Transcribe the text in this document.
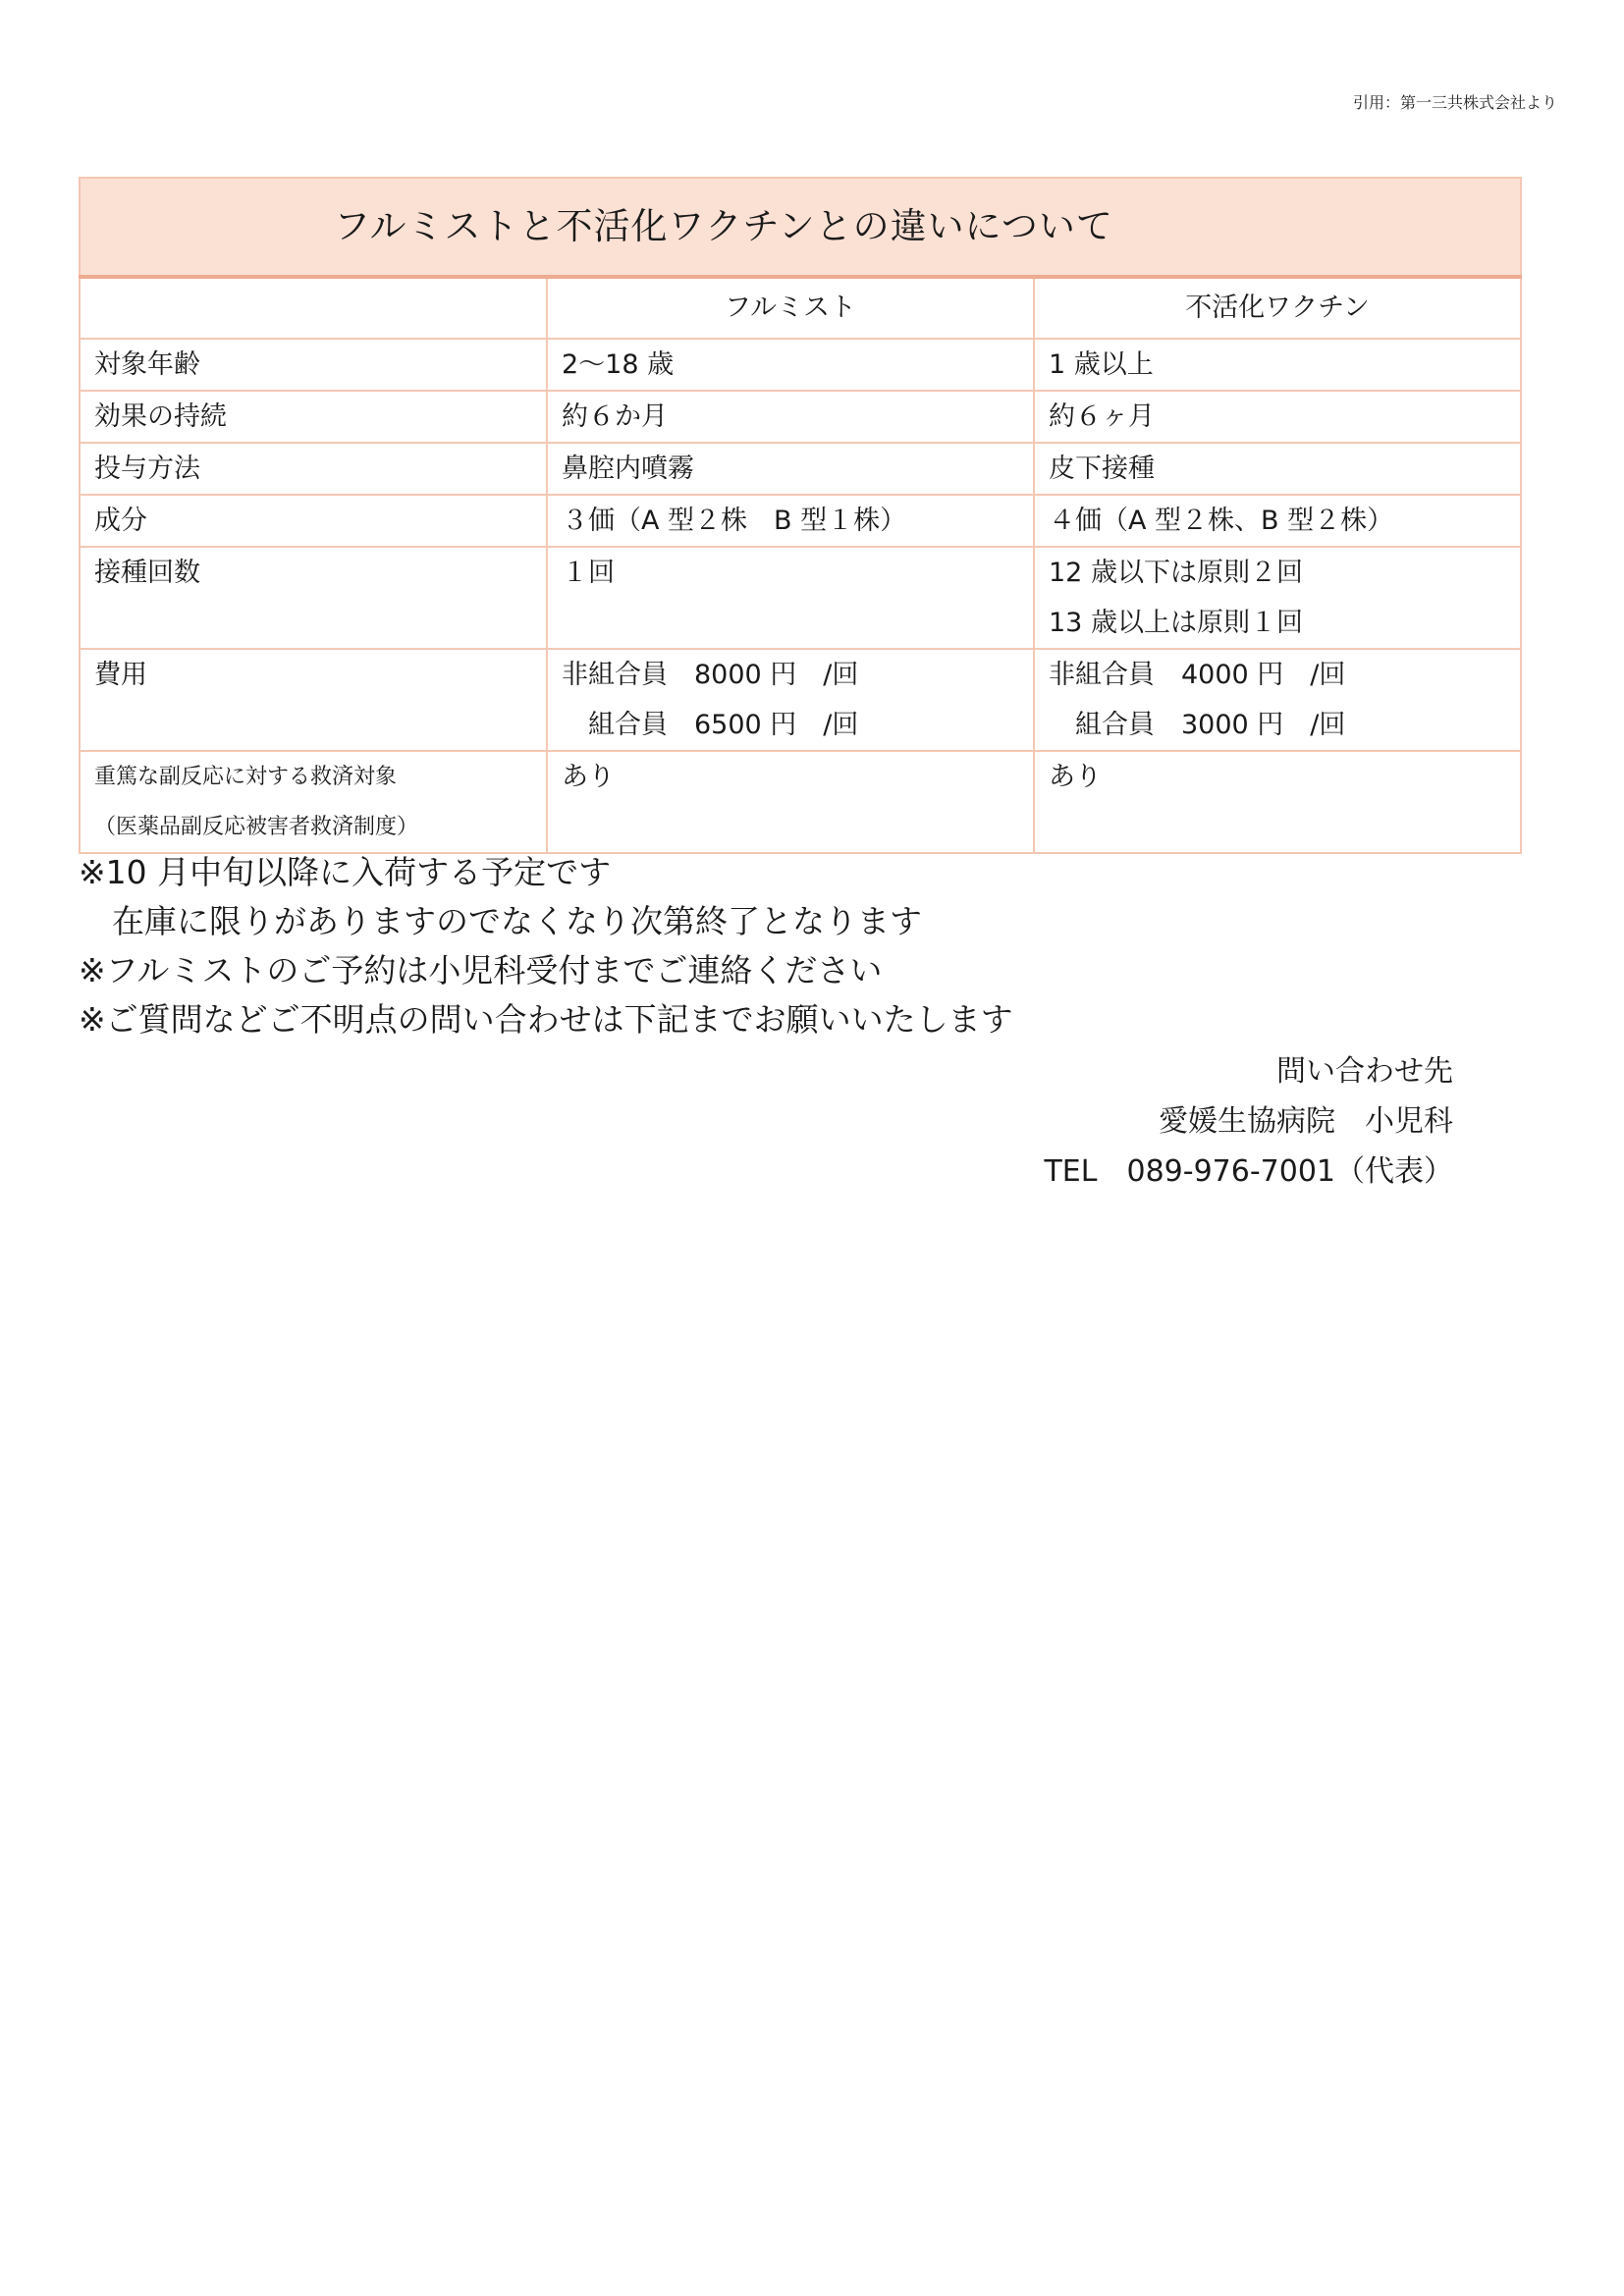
引用：第一三共株式会社より
フルミストと不活化ワクチンとの違いについて		
	フルミスト	不活化ワクチン

対象年齢	2～18 歳	1 歳以上

効果の持続	約６か月	約６ヶ月

投与方法	鼻腔内噴霧	皮下接種

成分	３価（A 型２株　B 型１株）	４価（A 型２株、B 型２株）

接種回数	１回	12 歳以下は原則２回
13 歳以上は原則１回

費用	非組合員　8000 円　/回
　組合員　6500 円　/回	非組合員　4000 円　/回
　組合員　3000 円　/回

重篤な副反応に対する救済対象
（医薬品副反応被害者救済制度）	あり	あり
※10 月中旬以降に入荷する予定です
在庫に限りがありますのでなくなり次第終了となります
※フルミストのご予約は小児科受付までご連絡ください
※ご質問などご不明点の問い合わせは下記までお願いいたします
問い合わせ先
愛媛生協病院　小児科
TEL　089-976-7001（代表）
